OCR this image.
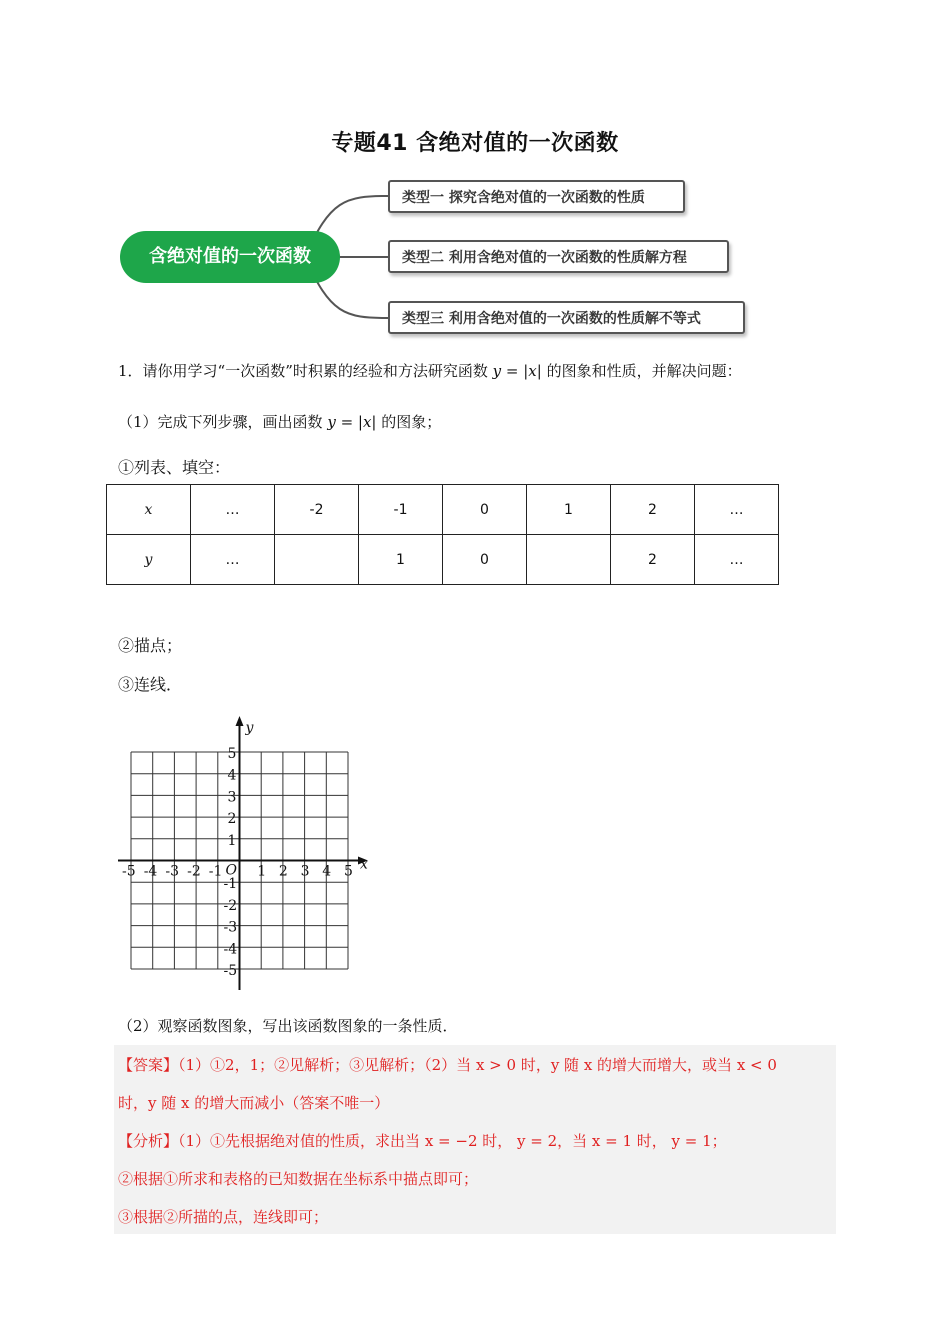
专题41 含绝对值的一次函数
含绝对值的一次函数
类型一 探究含绝对值的一次函数的性质
类型二 利用含绝对值的一次函数的性质解方程
类型三 利用含绝对值的一次函数的性质解不等式
1．请你用学习“一次函数”时积累的经验和方法研究函数 y = |x| 的图象和性质，并解决问题：
（1）完成下列步骤，画出函数 y = |x| 的图象；
①列表、填空：
x	…	-2	-1	0	1	2	…
y	…		1	0		2	…
②描点；
③连线．
x
y
O
-5 -4 -3 -2 -1 1 2 3 4 5
5
4
3
2
1
-1
-2
-3
-4
-5
（2）观察函数图象，写出该函数图象的一条性质．
【答案】（1）①2，1；②见解析；③见解析；（2）当 x > 0 时，y 随 x 的增大而增大，或当 x < 0
时，y 随 x 的增大而减小（答案不唯一）
【分析】（1）①先根据绝对值的性质，求出当 x = −2 时， y = 2，当 x = 1 时， y = 1；
②根据①所求和表格的已知数据在坐标系中描点即可；
③根据②所描的点，连线即可；
